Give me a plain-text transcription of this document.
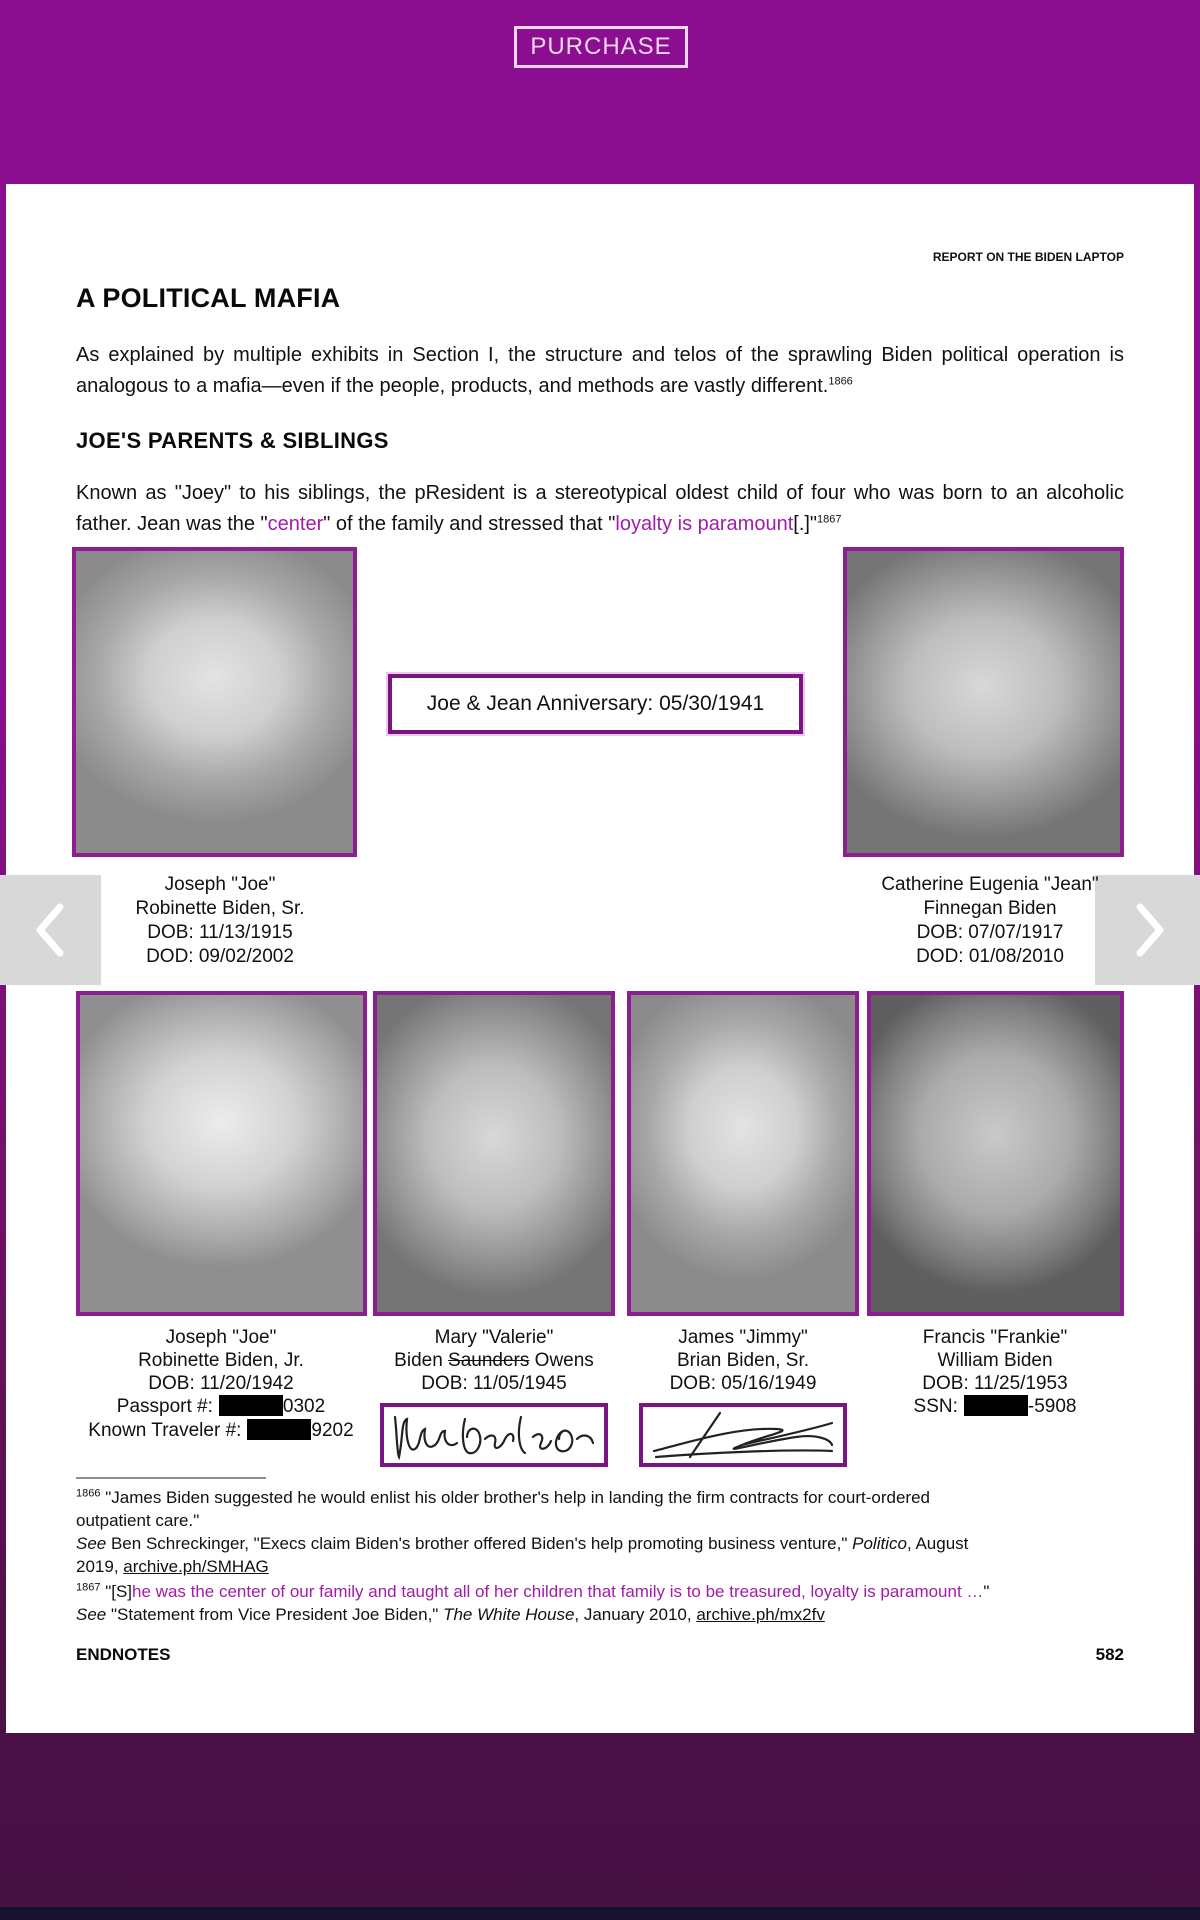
PURCHASE
REPORT ON THE BIDEN LAPTOP
A POLITICAL MAFIA

As explained by multiple exhibits in Section I, the structure and telos of the sprawling Biden political operation is analogous to a mafia—even if the people, products, and methods are vastly different.$^{1866}$

JOE'S PARENTS & SIBLINGS

Known as "Joey" to his siblings, the pResident is a stereotypical oldest child of four who was born to an alcoholic father. Jean was the "center" of the family and stressed that "loyalty is paramount[.]"$^{1867}$

Joe & Jean Anniversary: 05/30/1941
Joseph "Joe"
Robinette Biden, Sr.
DOB: 11/13/1915
DOD: 09/02/2002
Catherine Eugenia "Jean"
Finnegan Biden
DOB: 07/07/1917
DOD: 01/08/2010
Joseph "Joe"
Robinette Biden, Jr.
DOB: 11/20/1942
Passport #:	0302
Known Traveler #:	9202
Mary "Valerie"
Biden Saunders Owens
DOB: 11/05/1945
James "Jimmy"
Brian Biden, Sr.
DOB: 05/16/1949
Francis "Frankie"
William Biden
DOB: 11/25/1953
SSN:	-5908
$^{1866}$ "James Biden suggested he would enlist his older brother's help in landing the firm contracts for court-ordered
outpatient care."
See Ben Schreckinger, "Execs claim Biden's brother offered Biden's help promoting business venture," Politico, August
2019, archive.ph/SMHAG
$^{1867}$ "[S]he was the center of our family and taught all of her children that family is to be treasured, loyalty is paramount …"
See "Statement from Vice President Joe Biden," The White House, January 2010, archive.ph/mx2fv
ENDNOTES	582
